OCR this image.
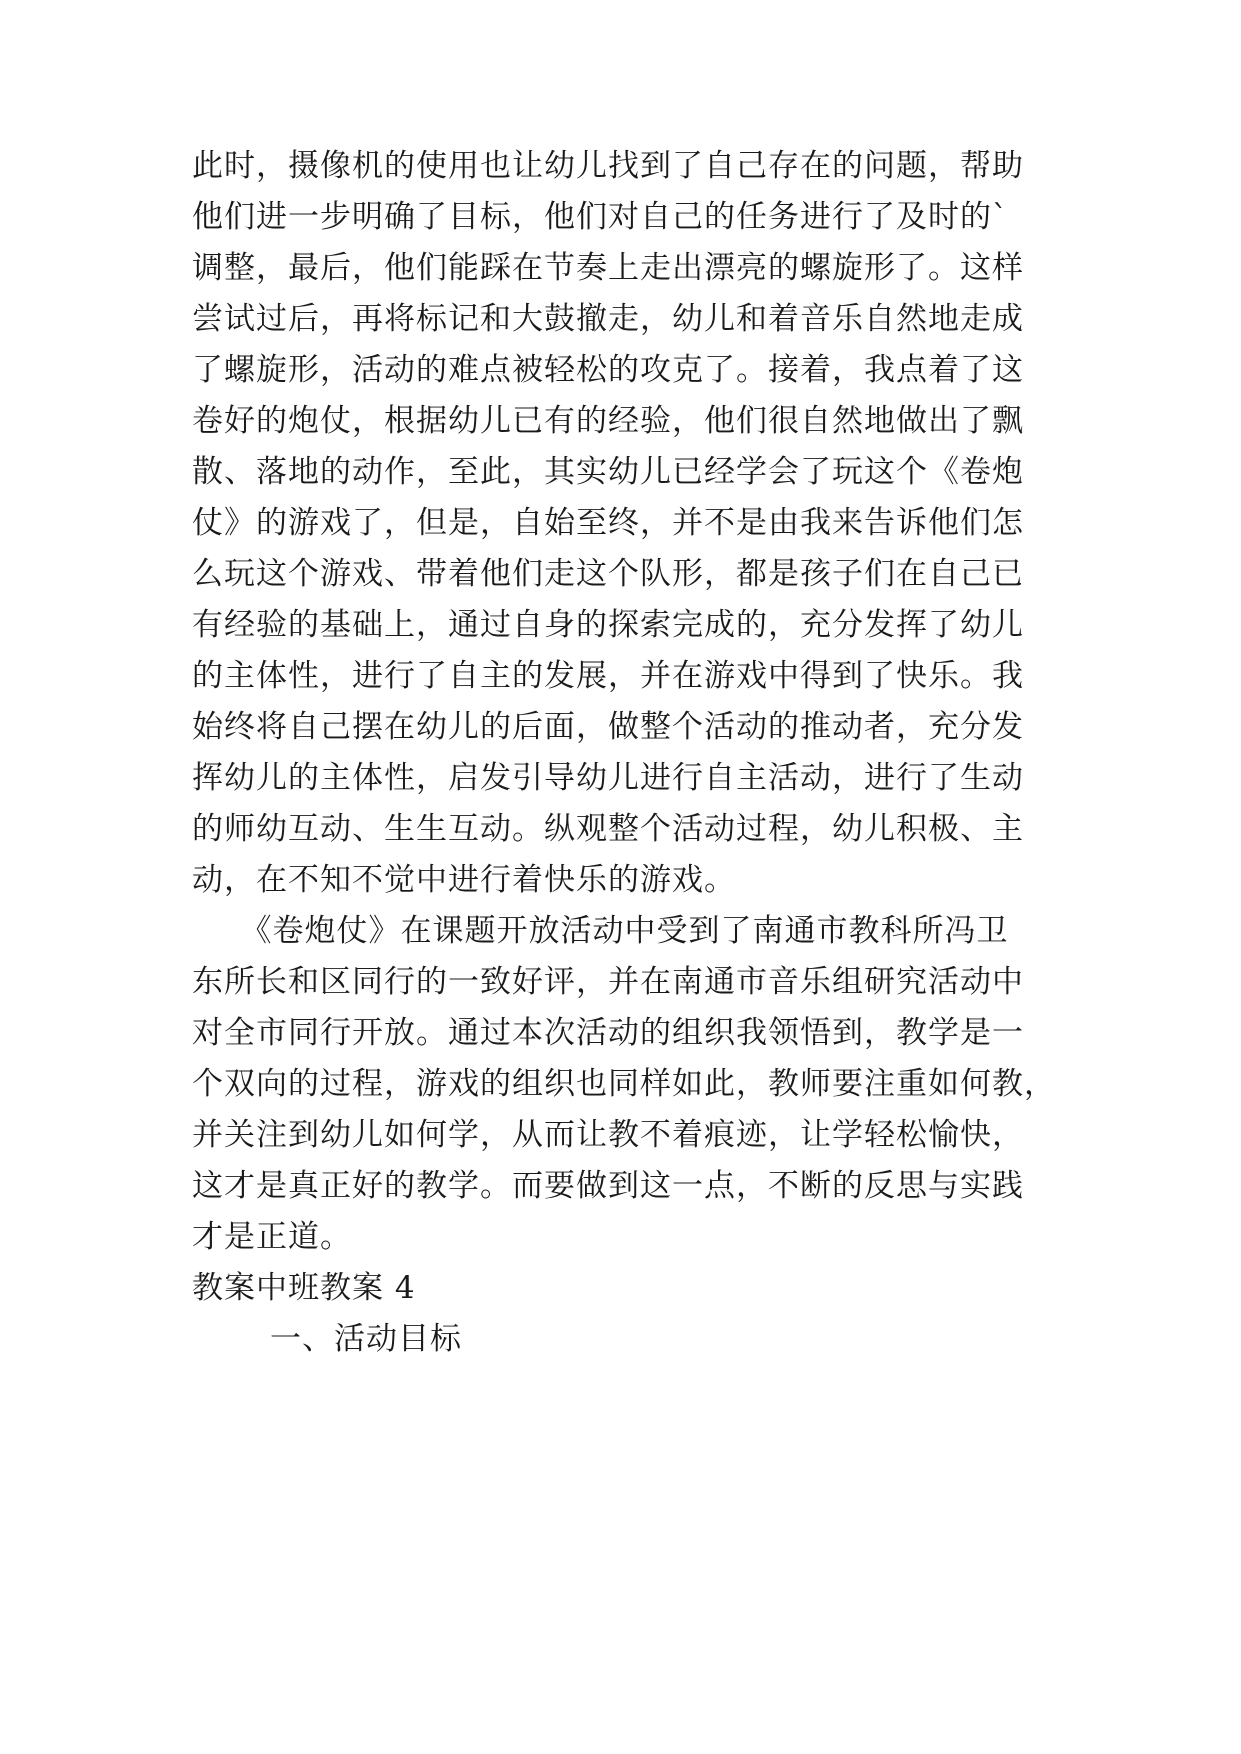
此时，摄像机的使用也让幼儿找到了自己存在的问题，帮助
他们进一步明确了目标，他们对自己的任务进行了及时的`
调整，最后，他们能踩在节奏上走出漂亮的螺旋形了。这样
尝试过后，再将标记和大鼓撤走，幼儿和着音乐自然地走成
了螺旋形，活动的难点被轻松的攻克了。接着，我点着了这
卷好的炮仗，根据幼儿已有的经验，他们很自然地做出了飘
散、落地的动作，至此，其实幼儿已经学会了玩这个《卷炮
仗》的游戏了，但是，自始至终，并不是由我来告诉他们怎
么玩这个游戏、带着他们走这个队形，都是孩子们在自己已
有经验的基础上，通过自身的探索完成的，充分发挥了幼儿
的主体性，进行了自主的发展，并在游戏中得到了快乐。我
始终将自己摆在幼儿的后面，做整个活动的推动者，充分发
挥幼儿的主体性，启发引导幼儿进行自主活动，进行了生动
的师幼互动、生生互动。纵观整个活动过程，幼儿积极、主
动，在不知不觉中进行着快乐的游戏。
　　《卷炮仗》在课题开放活动中受到了南通市教科所冯卫
东所长和区同行的一致好评，并在南通市音乐组研究活动中
对全市同行开放。通过本次活动的组织我领悟到，教学是一
个双向的过程，游戏的组织也同样如此，教师要注重如何教，
并关注到幼儿如何学，从而让教不着痕迹，让学轻松愉快，
这才是真正好的教学。而要做到这一点，不断的反思与实践
才是正道。
教案中班教案 4
一、活动目标
